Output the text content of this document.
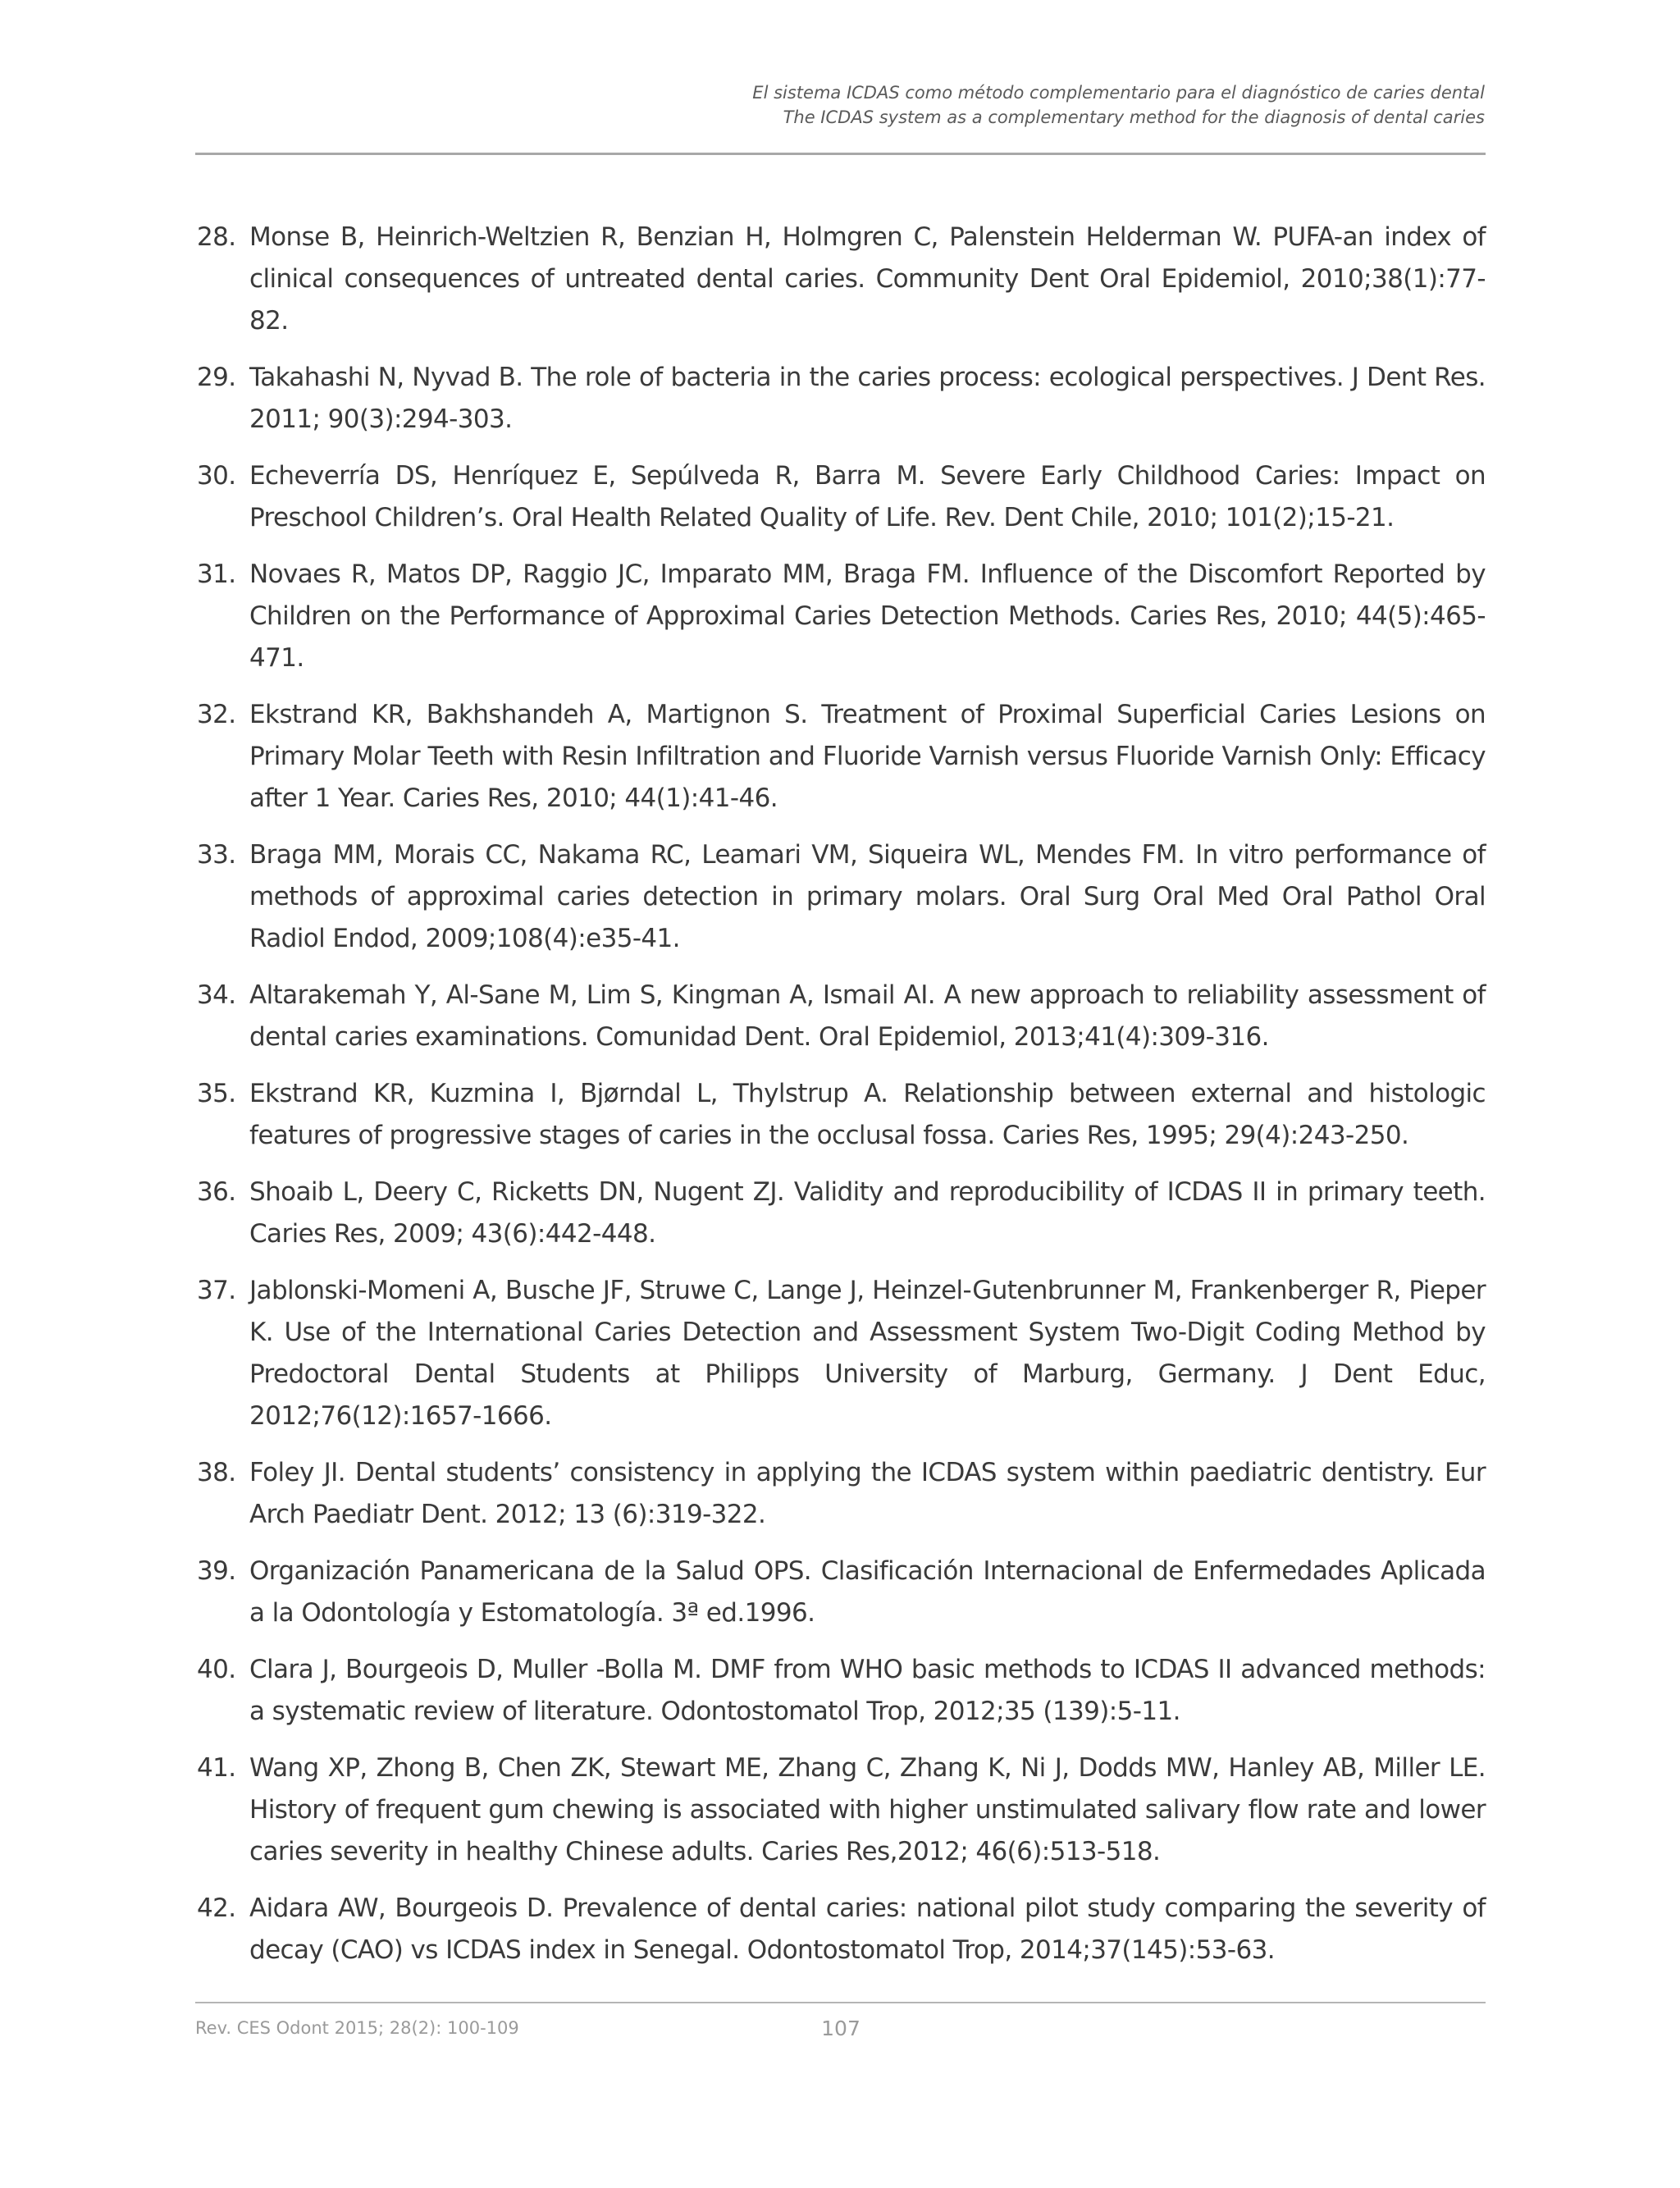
El sistema ICDAS como método complementario para el diagnóstico de caries dental
The ICDAS system as a complementary method for the diagnosis of dental caries
28. Monse B, Heinrich-Weltzien R, Benzian H, Holmgren C, Palenstein Helderman W. PUFA-an index of clinical consequences of untreated dental caries. Community Dent Oral Epidemiol, 2010;38(1):77-82.
29. Takahashi N, Nyvad B. The role of bacteria in the caries process: ecological perspectives. J Dent Res. 2011; 90(3):294-303.
30. Echeverría DS, Henríquez E, Sepúlveda R, Barra M. Severe Early Childhood Caries: Impact on Preschool Children’s. Oral Health Related Quality of Life. Rev. Dent Chile, 2010; 101(2);15-21.
31. Novaes R, Matos DP, Raggio JC, Imparato MM, Braga FM. Influence of the Discomfort Reported by Children on the Performance of Approximal Caries Detection Methods. Caries Res, 2010; 44(5):465-471.
32. Ekstrand KR, Bakhshandeh A, Martignon S. Treatment of Proximal Superficial Caries Lesions on Primary Molar Teeth with Resin Infiltration and Fluoride Varnish versus Fluoride Varnish Only: Efficacy after 1 Year. Caries Res, 2010; 44(1):41-46.
33. Braga MM, Morais CC, Nakama RC, Leamari VM, Siqueira WL, Mendes FM. In vitro performance of methods of approximal caries detection in primary molars. Oral Surg Oral Med Oral Pathol Oral Radiol Endod, 2009;108(4):e35-41.
34. Altarakemah Y, Al-Sane M, Lim S, Kingman A, Ismail AI. A new approach to reliability assessment of dental caries examinations. Comunidad Dent. Oral Epidemiol, 2013;41(4):309-316.
35. Ekstrand KR, Kuzmina I, Bjørndal L, Thylstrup A. Relationship between external and histologic features of progressive stages of caries in the occlusal fossa. Caries Res, 1995; 29(4):243-250.
36. Shoaib L, Deery C, Ricketts DN, Nugent ZJ. Validity and reproducibility of ICDAS II in primary teeth. Caries Res, 2009; 43(6):442-448.
37. Jablonski-Momeni A, Busche JF, Struwe C, Lange J, Heinzel-Gutenbrunner M, Frankenberger R, Pieper K. Use of the International Caries Detection and Assessment System Two-Digit Coding Method by Predoctoral Dental Students at Philipps University of Marburg, Germany. J Dent Educ, 2012;76(12):1657-1666.
38. Foley JI. Dental students’ consistency in applying the ICDAS system within paediatric dentistry. Eur Arch Paediatr Dent. 2012; 13 (6):319-322.
39. Organización Panamericana de la Salud OPS. Clasificación Internacional de Enfermedades Aplicada a la Odontología y Estomatología. 3ª ed.1996.
40. Clara J, Bourgeois D, Muller -Bolla M. DMF from WHO basic methods to ICDAS II advanced methods: a systematic review of literature. Odontostomatol Trop, 2012;35 (139):5-11.
41. Wang XP, Zhong B, Chen ZK, Stewart ME, Zhang C, Zhang K, Ni J, Dodds MW, Hanley AB, Miller LE. History of frequent gum chewing is associated with higher unstimulated salivary flow rate and lower caries severity in healthy Chinese adults. Caries Res,2012; 46(6):513-518.
42. Aidara AW, Bourgeois D. Prevalence of dental caries: national pilot study comparing the severity of decay (CAO) vs ICDAS index in Senegal. Odontostomatol Trop, 2014;37(145):53-63.
Rev. CES Odont 2015; 28(2): 100-109	107
